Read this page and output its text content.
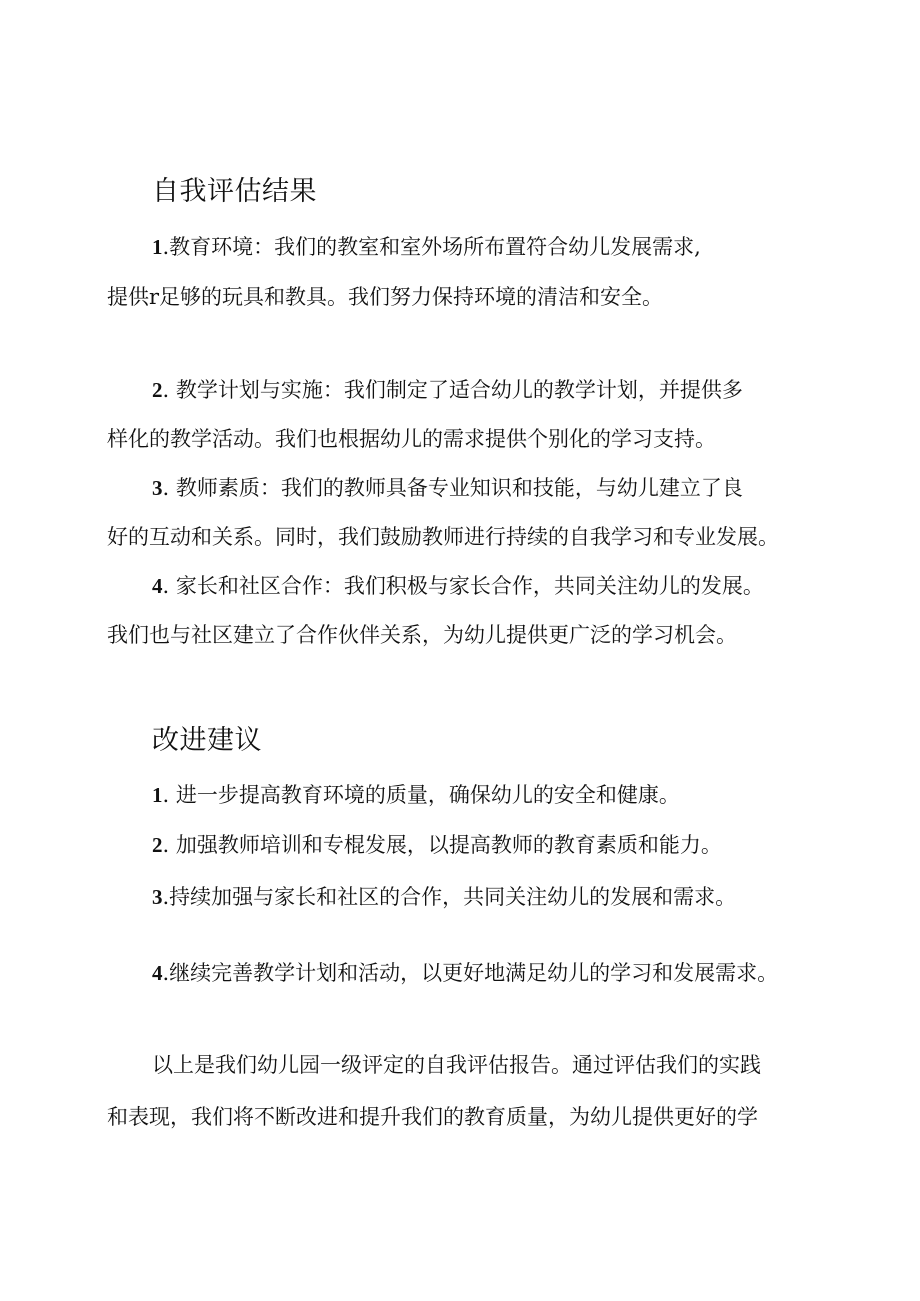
自我评估结果
1.教育环境：我们的教室和室外场所布置符合幼儿发展需求,
提供r足够的玩具和教具。我们努力保持环境的清洁和安全。
2. 教学计划与实施：我们制定了适合幼儿的教学计划，并提供多
样化的教学活动。我们也根据幼儿的需求提供个别化的学习支持。
3. 教师素质：我们的教师具备专业知识和技能，与幼儿建立了良
好的互动和关系。同时，我们鼓励教师进行持续的自我学习和专业发展。
4. 家长和社区合作：我们积极与家长合作，共同关注幼儿的发展。
我们也与社区建立了合作伙伴关系，为幼儿提供更广泛的学习机会。
改进建议
1. 进一步提高教育环境的质量，确保幼儿的安全和健康。
2. 加强教师培训和专棍发展，以提高教师的教育素质和能力。
3.持续加强与家长和社区的合作，共同关注幼儿的发展和需求。
4.继续完善教学计划和活动，以更好地满足幼儿的学习和发展需求。
以上是我们幼儿园一级评定的自我评估报告。通过评估我们的实践
和表现，我们将不断改进和提升我们的教育质量，为幼儿提供更好的学
